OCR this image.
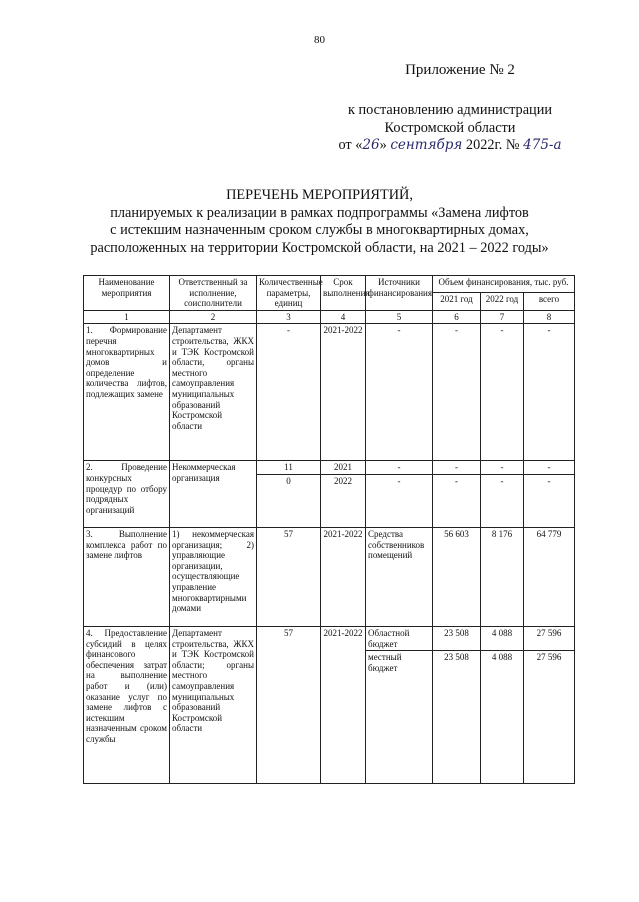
80
Приложение № 2
к постановлению администрации
Костромской области
от «26» сентября 2022г. № 475-а
ПЕРЕЧЕНЬ МЕРОПРИЯТИЙ,
планируемых к реализации в рамках подпрограммы «Замена лифтов
с истекшим назначенным сроком службы в многоквартирных домах,
расположенных на территории Костромской области, на 2021 – 2022 годы»
Наименование мероприятия	Ответственный за исполнение, соисполнители	Количественные параметры, единиц	Срок выполнения	Источники финансирования	Объем финансирования, тыс. руб.		
					2021 год	2022 год	всего
1	2	3	4	5	6	7	8
1. Формирование перечня многоквартирных домов и определение количества лифтов, подлежащих замене	Департамент строительства, ЖКХ и ТЭК Костромской области, органы местного самоуправления муниципальных образований Костромской области	-	2021-2022	-	-	-	-
2. Проведение конкурсных процедур по отбору подрядных организаций	Некоммерческая организация	11	2021	-	-	-	-
		0	2022	-	-	-	-
3. Выполнение комплекса работ по замене лифтов	1) некоммерческая организация; 2) управляющие организации, осуществляющие управление многоквартирными домами	57	2021-2022	Средства собственников помещений	56 603	8 176	64 779
4. Предоставление субсидий в целях финансового обеспечения затрат на выполнение работ и (или) оказание услуг по замене лифтов с истекшим назначенным сроком службы	Департамент строительства, ЖКХ и ТЭК Костромской области; органы местного самоуправления муниципальных образований Костромской области	57	2021-2022	Областной бюджет	23 508	4 088	27 596
				местный бюджет	23 508	4 088	27 596
